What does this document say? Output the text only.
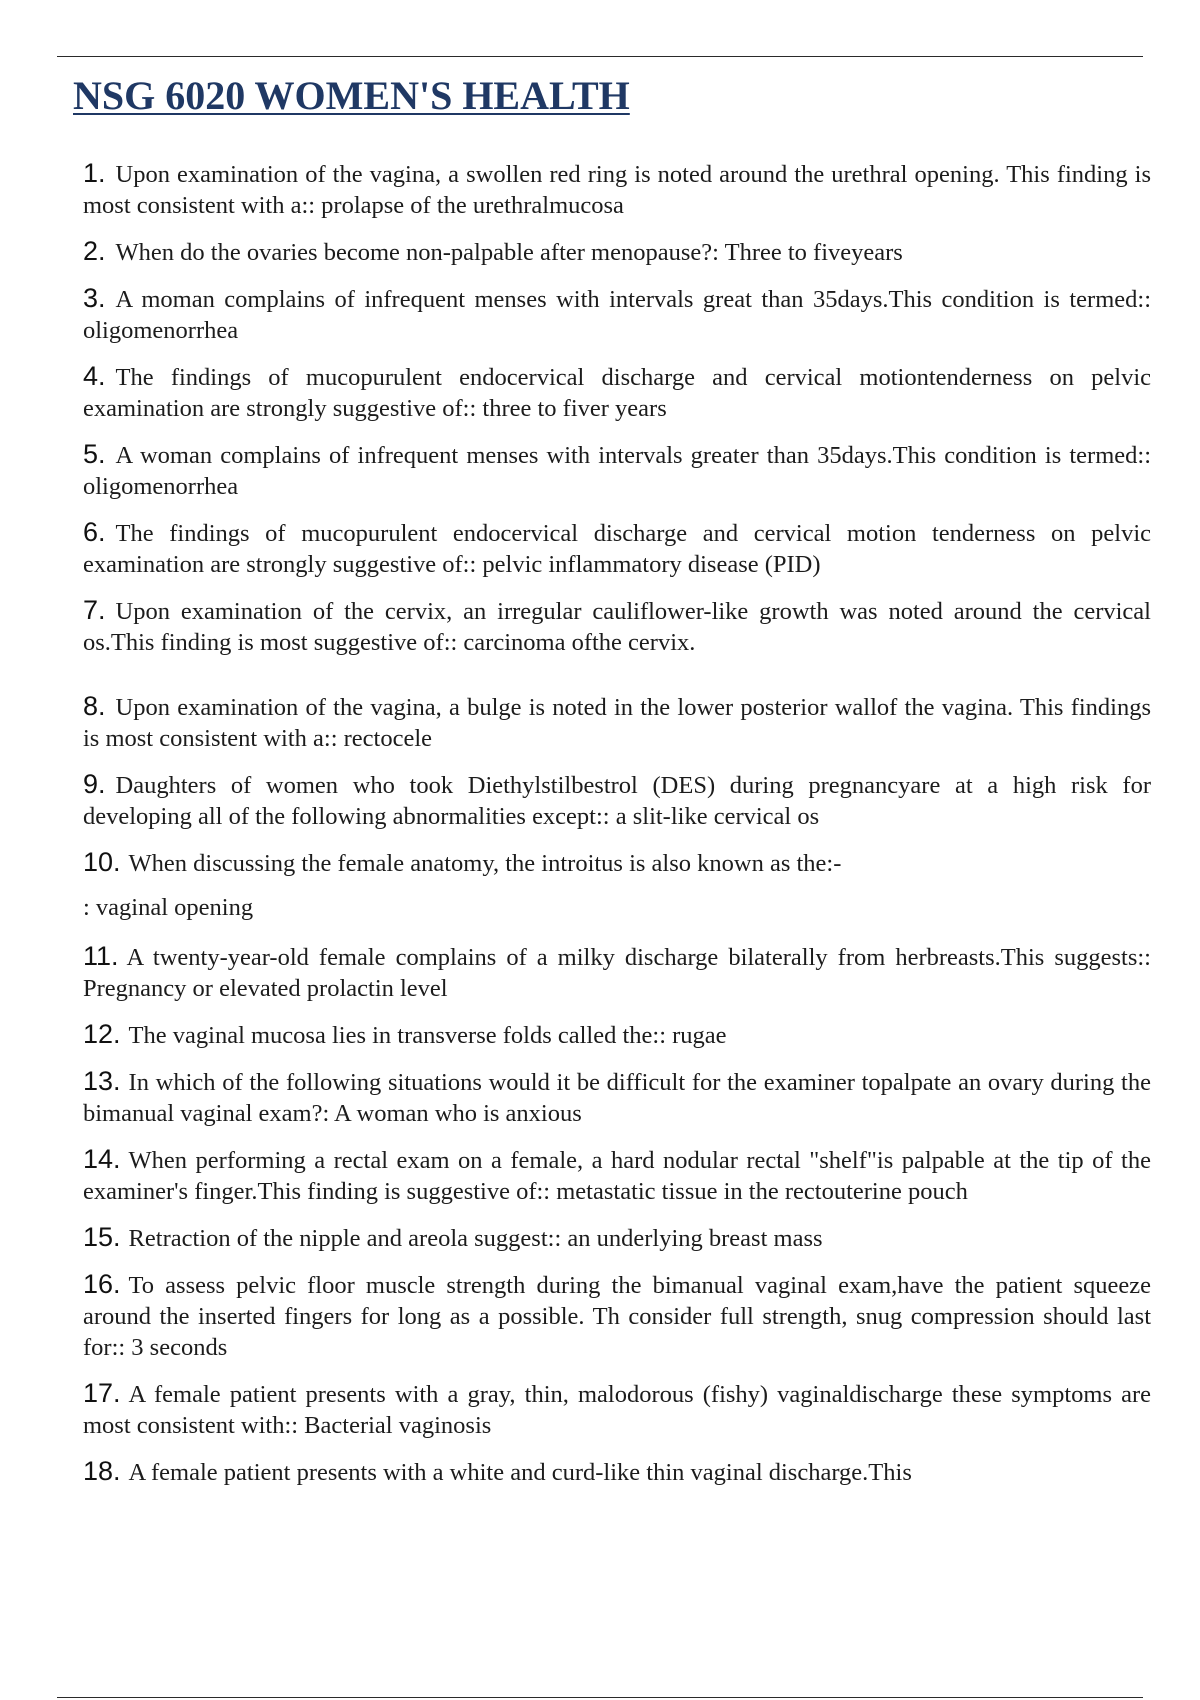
NSG 6020 WOMEN'S HEALTH
1. Upon examination of the vagina, a swollen red ring is noted around the urethral opening. This finding is most consistent with a:: prolapse of the urethralmucosa
2. When do the ovaries become non-palpable after menopause?: Three to fiveyears
3. A moman complains of infrequent menses with intervals great than 35days.This condition is termed:: oligomenorrhea
4. The findings of mucopurulent endocervical discharge and cervical motiontenderness on pelvic examination are strongly suggestive of:: three to fiver years
5. A woman complains of infrequent menses with intervals greater than 35days.This condition is termed:: oligomenorrhea
6. The findings of mucopurulent endocervical discharge and cervical motion tenderness on pelvic examination are strongly suggestive of:: pelvic inflammatory disease (PID)
7. Upon examination of the cervix, an irregular cauliflower-like growth was noted around the cervical os.This finding is most suggestive of:: carcinoma ofthe cervix.
8. Upon examination of the vagina, a bulge is noted in the lower posterior wallof the vagina. This findings is most consistent with a:: rectocele
9. Daughters of women who took Diethylstilbestrol (DES) during pregnancyare at a high risk for developing all of the following abnormalities except:: a slit-like cervical os
10. When discussing the female anatomy, the introitus is also known as the:-
: vaginal opening
11. A twenty-year-old female complains of a milky discharge bilaterally from herbreasts.This suggests:: Pregnancy or elevated prolactin level
12. The vaginal mucosa lies in transverse folds called the:: rugae
13. In which of the following situations would it be difficult for the examiner topalpate an ovary during the bimanual vaginal exam?: A woman who is anxious
14. When performing a rectal exam on a female, a hard nodular rectal "shelf"is palpable at the tip of the examiner's finger.This finding is suggestive of:: metastatic tissue in the rectouterine pouch
15. Retraction of the nipple and areola suggest:: an underlying breast mass
16. To assess pelvic floor muscle strength during the bimanual vaginal exam,have the patient squeeze around the inserted fingers for long as a possible. Th consider full strength, snug compression should last for:: 3 seconds
17. A female patient presents with a gray, thin, malodorous (fishy) vaginaldischarge these symptoms are most consistent with:: Bacterial vaginosis
18. A female patient presents with a white and curd-like thin vaginal discharge.This
